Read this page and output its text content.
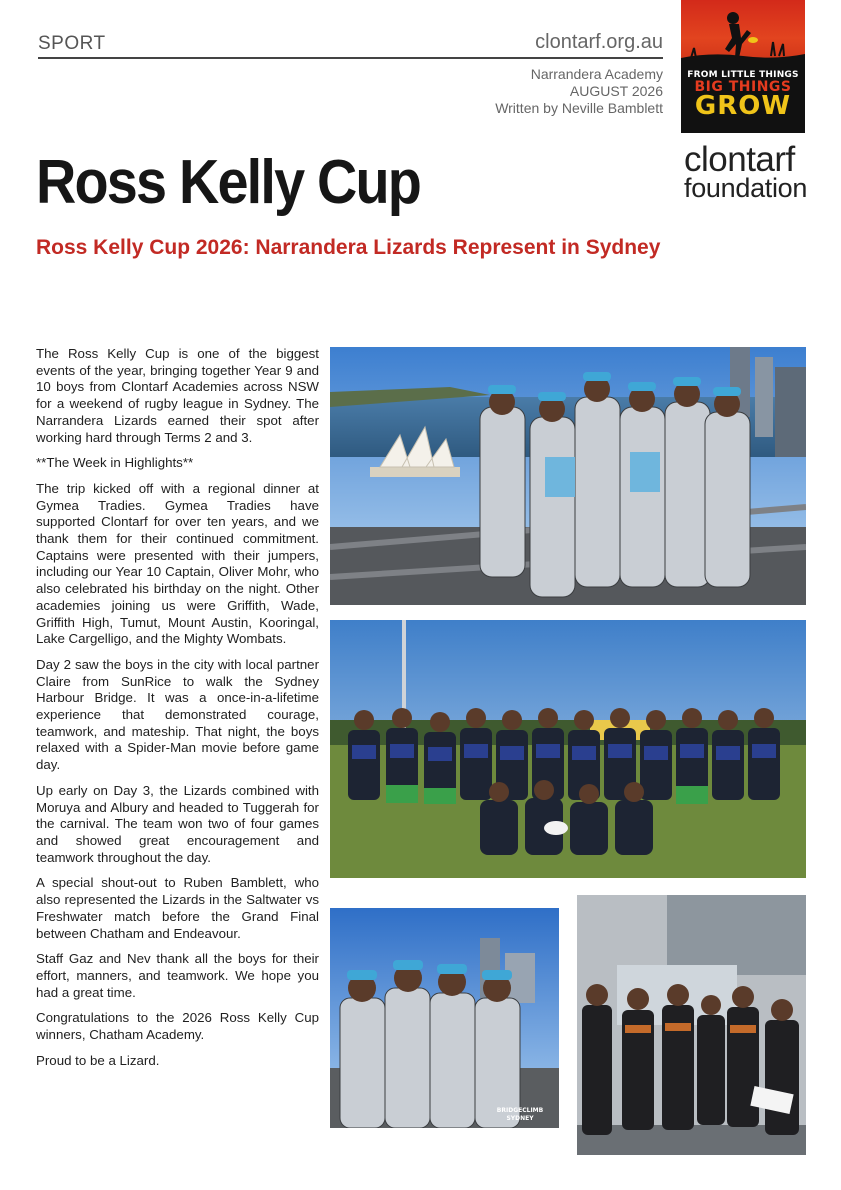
SPORT	clontarf.org.au
Narrandera Academy
AUGUST 2026
Written by Neville Bamblett
FROM LITTLE THINGS
BIG THINGS
GROW
clontarf
foundation
Ross Kelly Cup
Ross Kelly Cup 2026: Narrandera Lizards Represent in Sydney

The Ross Kelly Cup is one of the biggest events of the year, bringing together Year 9 and 10 boys from Clontarf Academies across NSW for a weekend of rugby league in Sydney. The Narrandera Lizards earned their spot after working hard through Terms 2 and 3.

**The Week in Highlights**

The trip kicked off with a regional dinner at Gymea Tradies. Gymea Tradies have supported Clontarf for over ten years, and we thank them for their continued commitment. Captains were presented with their jumpers, including our Year 10 Captain, Oliver Mohr, who also celebrated his birthday on the night. Other academies joining us were Griffith, Wade, Griffith High, Tumut, Mount Austin, Kooringal, Lake Cargelligo, and the Mighty Wombats.

Day 2 saw the boys in the city with local partner Claire from SunRice to walk the Sydney Harbour Bridge. It was a once-in-a-lifetime experience that demonstrated courage, teamwork, and mateship. That night, the boys relaxed with a Spider-Man movie before game day.

Up early on Day 3, the Lizards combined with Moruya and Albury and headed to Tuggerah for the carnival. The team won two of four games and showed great encouragement and teamwork throughout the day.

A special shout-out to Ruben Bamblett, who also represented the Lizards in the Saltwater vs Freshwater match before the Grand Final between Chatham and Endeavour.

Staff Gaz and Nev thank all the boys for their effort, manners, and teamwork. We hope you had a great time.

Congratulations to the 2026 Ross Kelly Cup winners, Chatham Academy.

Proud to be a Lizard.

BRIDGECLIMB
SYDNEY
